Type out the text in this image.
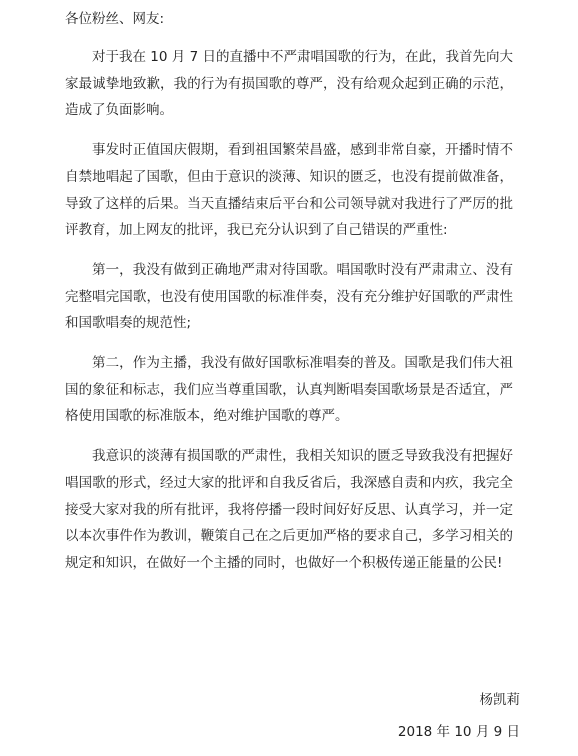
各位粉丝、网友:

对于我在 10 月 7 日的直播中不严肃唱国歌的行为，在此，我首先向大家最诚挚地致歉，我的行为有损国歌的尊严，没有给观众起到正确的示范，造成了负面影响。

事发时正值国庆假期，看到祖国繁荣昌盛，感到非常自豪，开播时情不自禁地唱起了国歌，但由于意识的淡薄、知识的匮乏，也没有提前做准备，导致了这样的后果。当天直播结束后平台和公司领导就对我进行了严厉的批评教育，加上网友的批评，我已充分认识到了自己错误的严重性:

第一，我没有做到正确地严肃对待国歌。唱国歌时没有严肃肃立、没有完整唱完国歌，也没有使用国歌的标准伴奏，没有充分维护好国歌的严肃性和国歌唱奏的规范性;

第二，作为主播，我没有做好国歌标准唱奏的普及。国歌是我们伟大祖国的象征和标志，我们应当尊重国歌，认真判断唱奏国歌场景是否适宜，严格使用国歌的标准版本，绝对维护国歌的尊严。

我意识的淡薄有损国歌的严肃性，我相关知识的匮乏导致我没有把握好唱国歌的形式，经过大家的批评和自我反省后，我深感自责和内疚，我完全接受大家对我的所有批评，我将停播一段时间好好反思、认真学习，并一定以本次事件作为教训，鞭策自己在之后更加严格的要求自己，多学习相关的规定和知识，在做好一个主播的同时，也做好一个积极传递正能量的公民!

杨凯莉
2018 年 10 月 9 日
